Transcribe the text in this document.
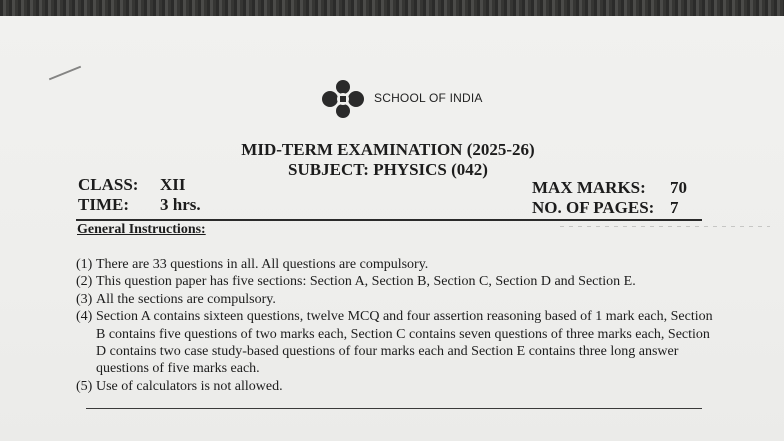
SCHOOL OF INDIA
MID-TERM EXAMINATION (2025-26)
SUBJECT: PHYSICS (042)
CLASS:	XII
TIME:	3 hrs.
MAX MARKS:	70
NO. OF PAGES: 7
General Instructions:
(1) There are 33 questions in all. All questions are compulsory.
(2) This question paper has five sections: Section A, Section B, Section C, Section D and Section E.
(3) All the sections are compulsory.
(4) Section A contains sixteen questions, twelve MCQ and four assertion reasoning based of 1 mark each, Section B contains five questions of two marks each, Section C contains seven questions of three marks each, Section D contains two case study-based questions of four marks each and Section E contains three long answer questions of five marks each.
(5) Use of calculators is not allowed.
